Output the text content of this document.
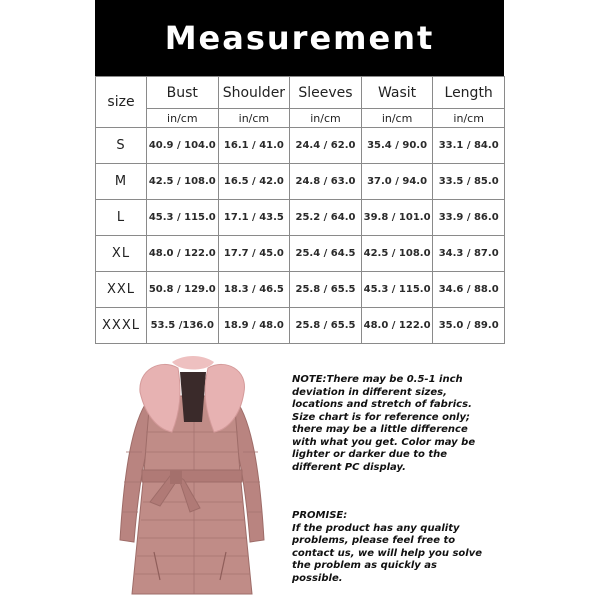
Measurement
size	Bust	Shoulder	Sleeves	Wasit	Length
	in/cm	in/cm	in/cm	in/cm	in/cm
S	40.9 / 104.0	16.1 / 41.0	24.4 / 62.0	35.4 / 90.0	33.1 / 84.0
M	42.5 / 108.0	16.5 / 42.0	24.8 / 63.0	37.0 / 94.0	33.5 / 85.0
L	45.3 / 115.0	17.1 / 43.5	25.2 / 64.0	39.8 / 101.0	33.9 / 86.0
XL	48.0 / 122.0	17.7 / 45.0	25.4 / 64.5	42.5 / 108.0	34.3 / 87.0
XXL	50.8 / 129.0	18.3 / 46.5	25.8 / 65.5	45.3 / 115.0	34.6 / 88.0
XXXL	53.5 /136.0	18.9 / 48.0	25.8 / 65.5	48.0 / 122.0	35.0 / 89.0
NOTE:There may be 0.5-1 inch deviation in different sizes, locations and stretch of fabrics. Size chart is for reference only; there may be a little difference with what you get. Color may be lighter or darker due to the different PC display.
PROMISE:
If the product has any quality problems, please feel free to contact us, we will help you solve the problem as quickly as possible.
